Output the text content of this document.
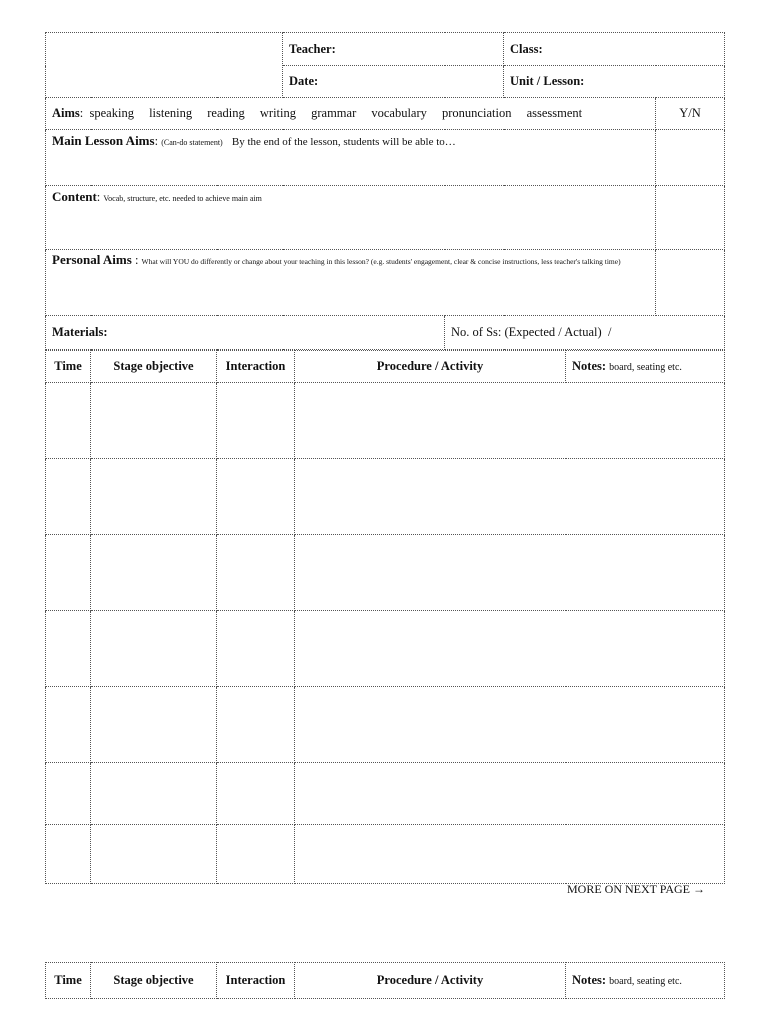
	Teacher:		Class:	
	Date:		Unit / Lesson:	
Aims:  speaking listening reading writing grammar vocabulary pronunciation assessment				Y/N
Main Lesson Aims: (Can-do statement) By the end of the lesson, students will be able to…				
Content: Vocab, structure, etc. needed to achieve main aim				
Personal Aims : What will YOU do differently or change about your teaching in this lesson? (e.g. students' engagement, clear & concise instructions, less teacher's talking time)				
Materials:		No. of Ss: (Expected / Actual) /		
Time	Stage objective	Interaction	Procedure / Activity	Notes: board, seating etc.

MORE ON NEXT PAGE →
Time	Stage objective	Interaction	Procedure / Activity	Notes: board, seating etc.
